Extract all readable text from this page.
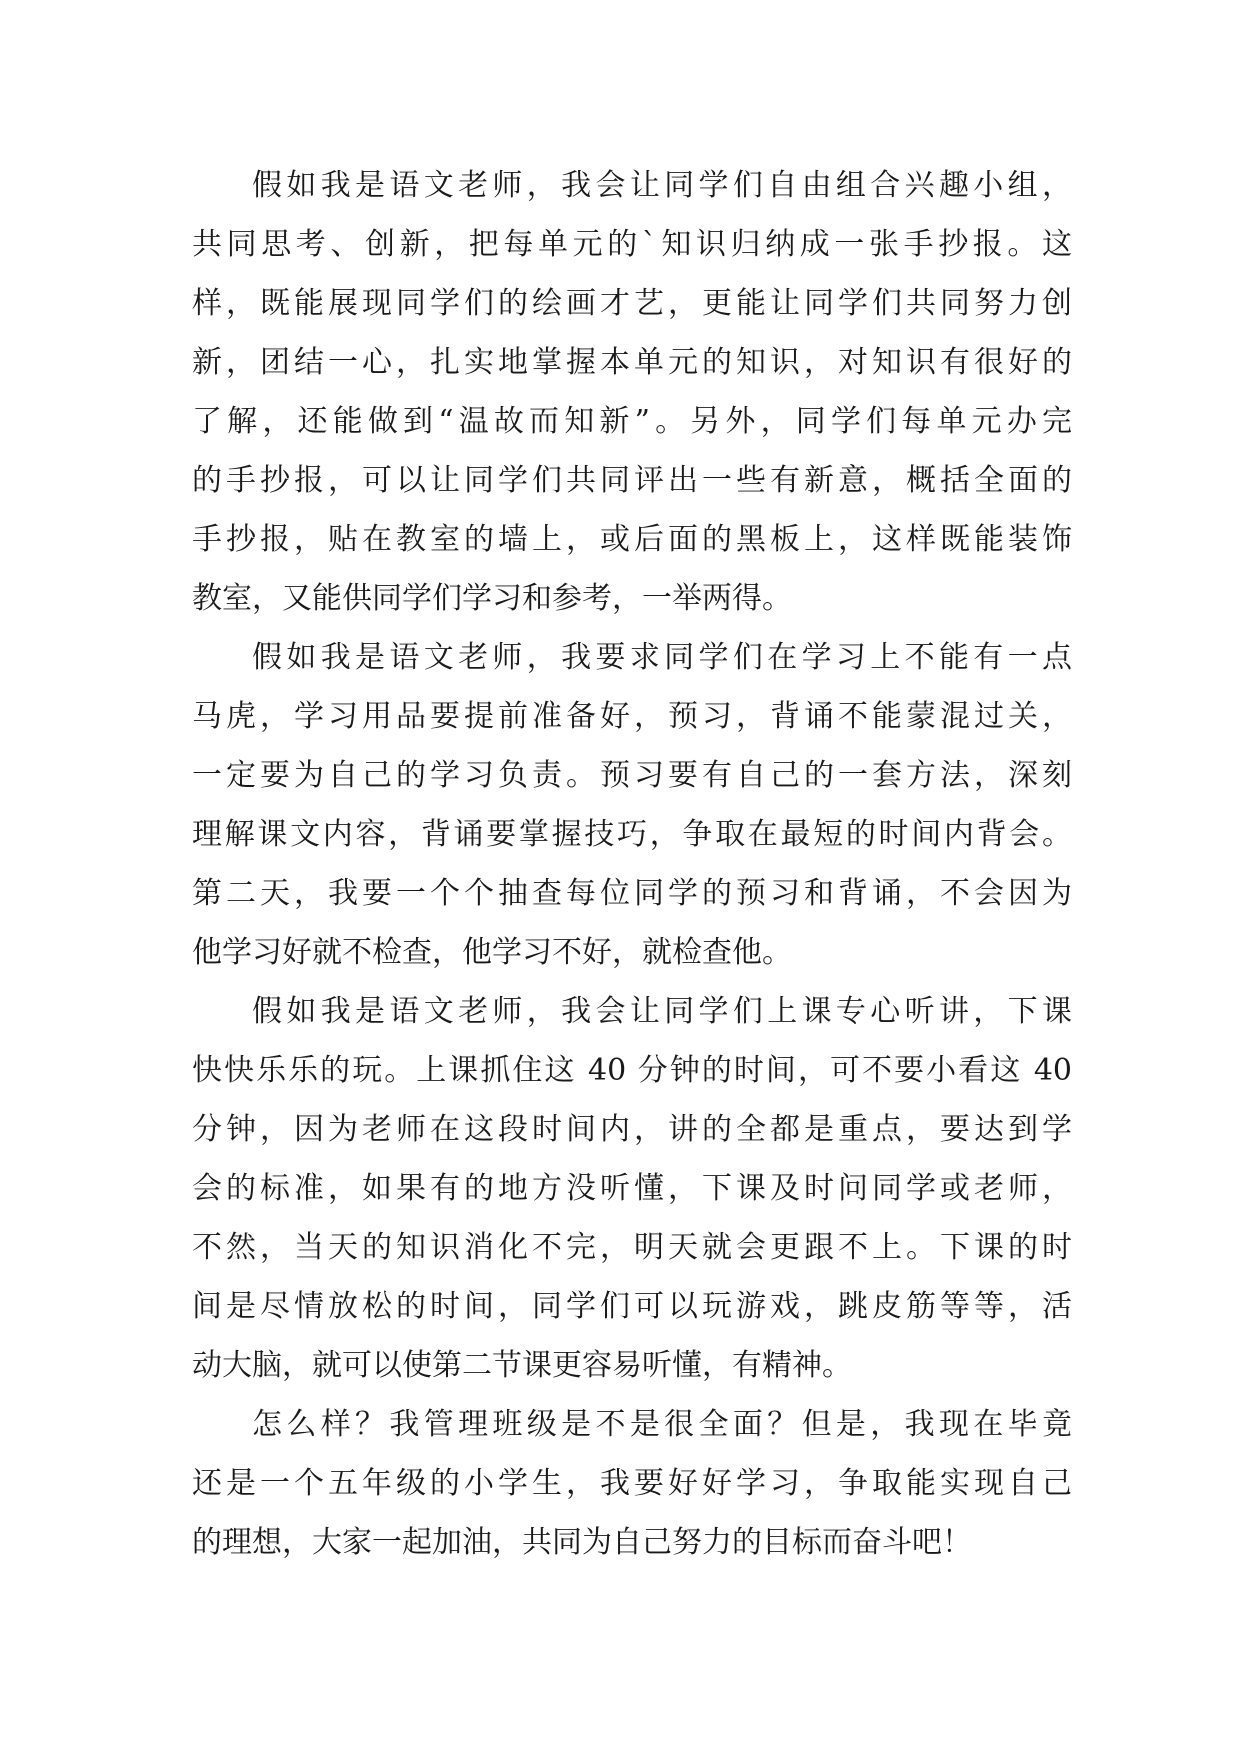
假如我是语文老师，我会让同学们自由组合兴趣小组，
共同思考、创新，把每单元的`知识归纳成一张手抄报。这
样，既能展现同学们的绘画才艺，更能让同学们共同努力创
新，团结一心，扎实地掌握本单元的知识，对知识有很好的
了解，还能做到“温故而知新”。另外，同学们每单元办完
的手抄报，可以让同学们共同评出一些有新意，概括全面的
手抄报，贴在教室的墙上，或后面的黑板上，这样既能装饰
教室，又能供同学们学习和参考，一举两得。
假如我是语文老师，我要求同学们在学习上不能有一点
马虎，学习用品要提前准备好，预习，背诵不能蒙混过关，
一定要为自己的学习负责。预习要有自己的一套方法，深刻
理解课文内容，背诵要掌握技巧，争取在最短的时间内背会。
第二天，我要一个个抽查每位同学的预习和背诵，不会因为
他学习好就不检查，他学习不好，就检查他。
假如我是语文老师，我会让同学们上课专心听讲，下课
快快乐乐的玩。上课抓住这 40 分钟的时间，可不要小看这 40
分钟，因为老师在这段时间内，讲的全都是重点，要达到学
会的标准，如果有的地方没听懂，下课及时问同学或老师，
不然，当天的知识消化不完，明天就会更跟不上。下课的时
间是尽情放松的时间，同学们可以玩游戏，跳皮筋等等，活
动大脑，就可以使第二节课更容易听懂，有精神。
怎么样？我管理班级是不是很全面？但是，我现在毕竟
还是一个五年级的小学生，我要好好学习，争取能实现自己
的理想，大家一起加油，共同为自己努力的目标而奋斗吧！
